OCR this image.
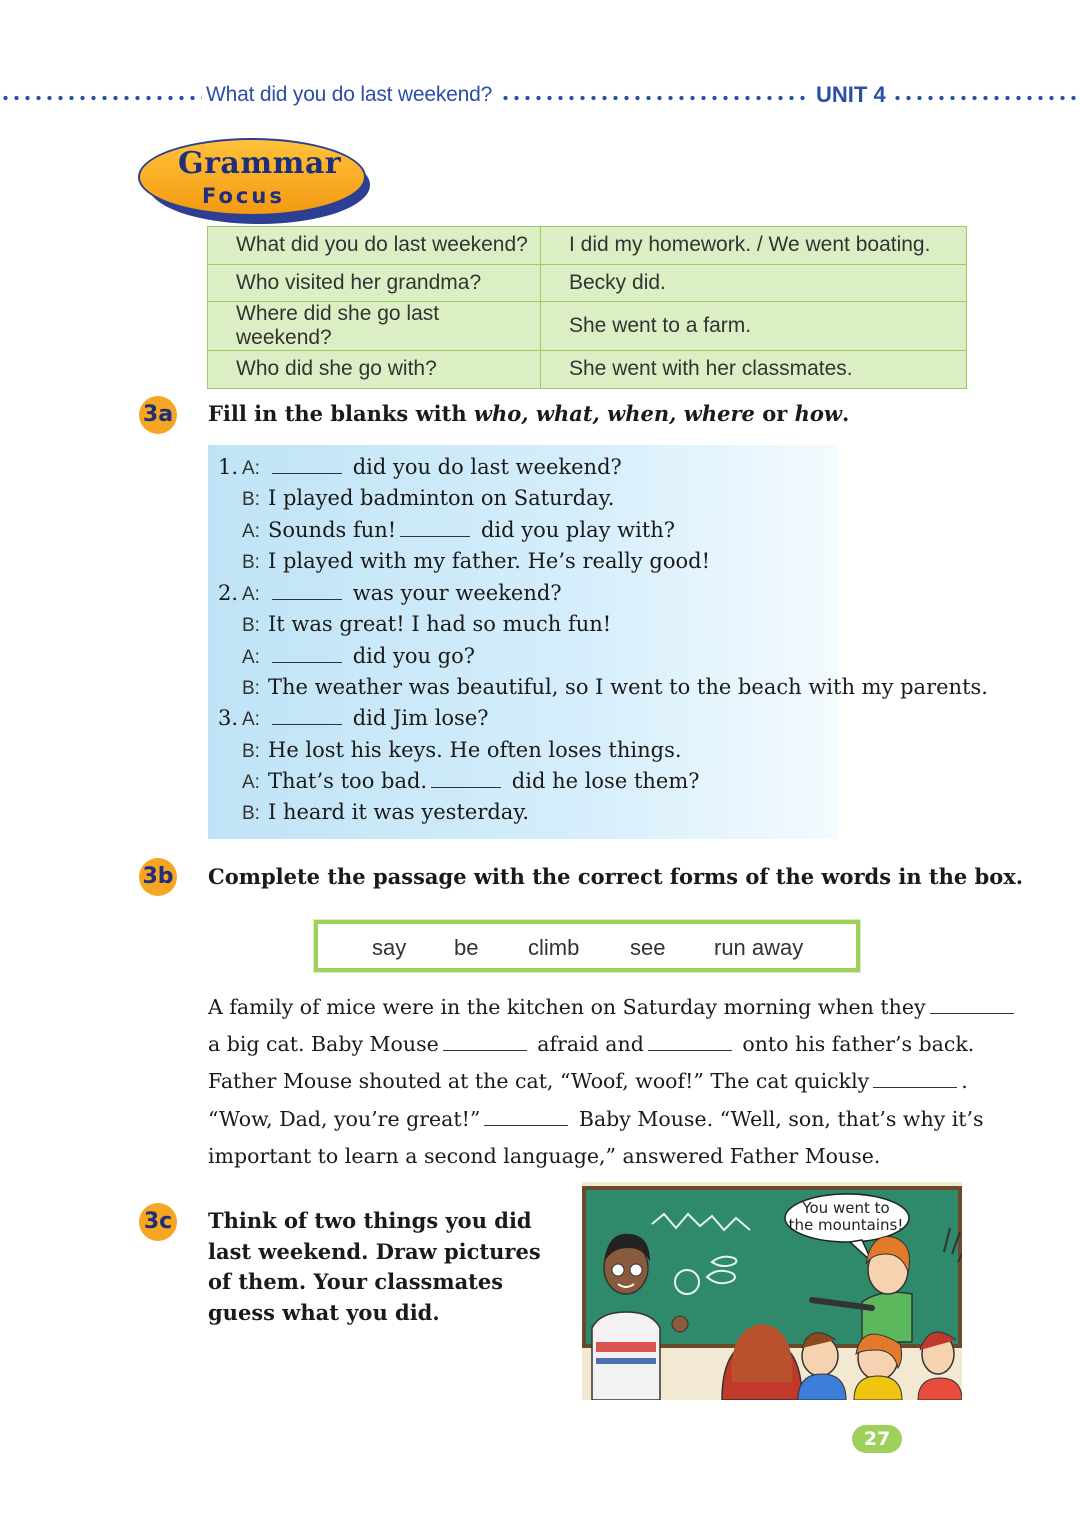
What did you do last weekend?	UNIT 4
Grammar
Focus
What did you do last weekend?	I did my homework. / We went boating.
Who visited her grandma?	Becky did.
Where did she go last weekend?	She went to a farm.
Who did she go with?	She went with her classmates.
3a Fill in the blanks with who, what, when, where or how.
1. A:	did you do last weekend?
B: I played badminton on Saturday.
A: Sounds fun!	did you play with?
B: I played with my father. He’s really good!
2. A:	was your weekend?
B: It was great! I had so much fun!
A:	did you go?
B: The weather was beautiful, so I went to the beach with my parents.
3. A:	did Jim lose?
B: He lost his keys. He often loses things.
A: That’s too bad.	did he lose them?
B: I heard it was yesterday.
3b Complete the passage with the correct forms of the words in the box.
say be climb see run away
A family of mice were in the kitchen on Saturday morning when they
a big cat. Baby Mouse	afraid and	onto his father’s back.
Father Mouse shouted at the cat, “Woof, woof!” The cat quickly	.
“Wow, Dad, you’re great!”	Baby Mouse. “Well, son, that’s why it’s
important to learn a second language,” answered Father Mouse.
3c Think of two things you did last weekend. Draw pictures of them. Your classmates guess what you did.
You went to
the mountains!
27
